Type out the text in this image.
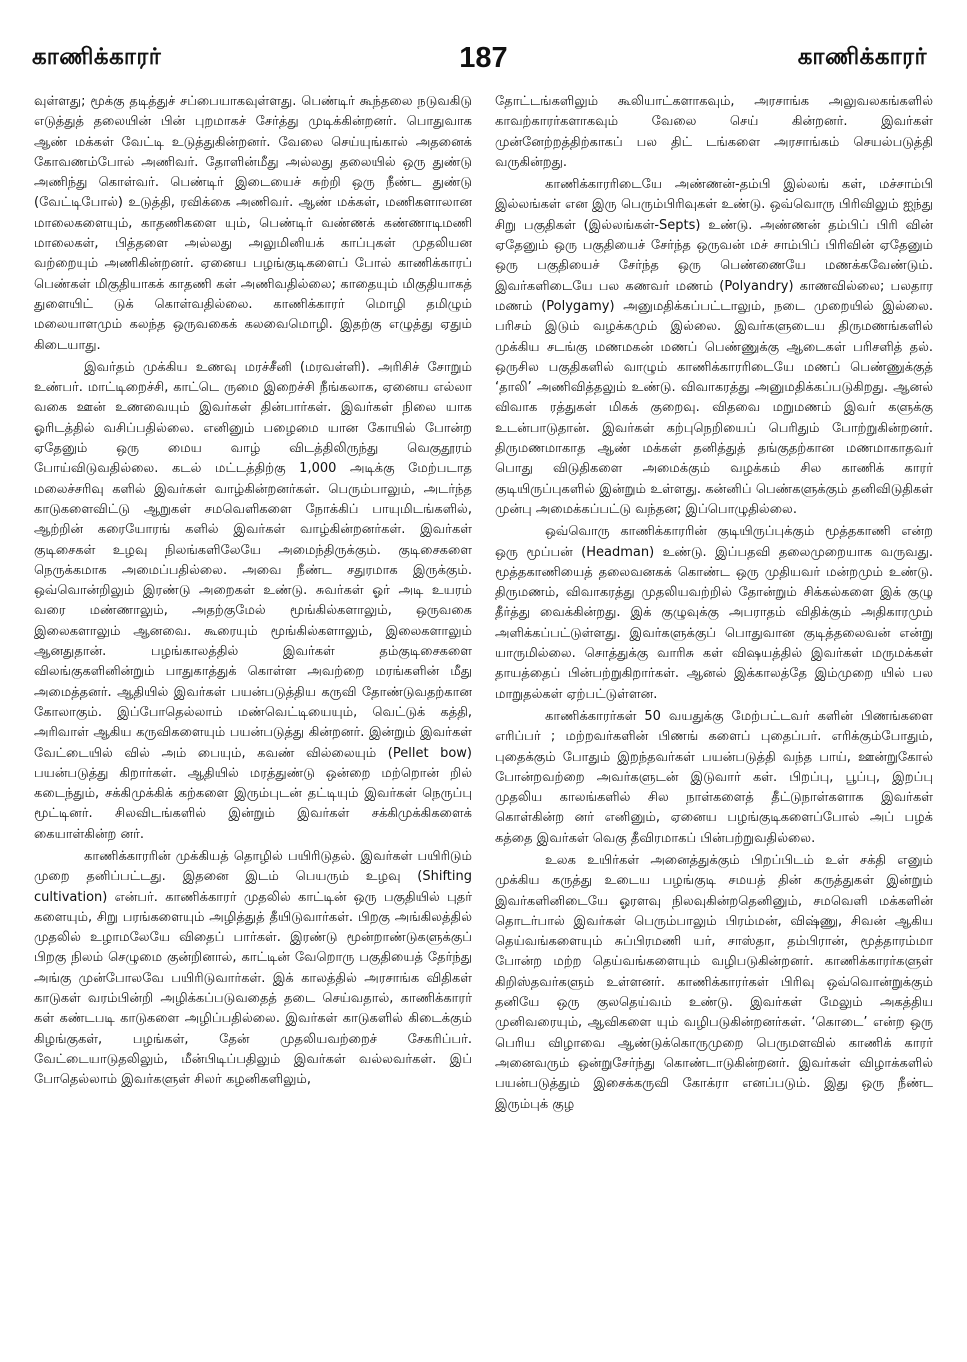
காணிக்காரர்	187	காணிக்காரர்

வுள்ளது; மூக்கு தடித்துச் சப்பையாகவுள்ளது. பெண்டிர் கூந்தலை நடுவகிடு எடுத்துத் தலையின் பின் புறமாகச் சேர்த்து முடிக்கின்றனர். பொதுவாக ஆண் மக்கள் வேட்டி உடுத்துகின்றனர். வேலை செய்யுங்கால் அதனைக் கோவணம்போல் அணிவர். தோளின்மீது அல்லது தலையில் ஒரு துண்டு அணிந்து கொள்வர். பெண்டிர் இடையைச் சுற்றி ஒரு நீண்ட துண்டு (வேட்டிபோல்) உடுத்தி, ரவிக்கை அணிவர். ஆண் மக்கள், மணிகளாலான மாலைகளையும், காதணிகளை யும், பெண்டிர் வண்ணக் கண்ணாடிமணி மாலைகள், பித்தளை அல்லது அலுமினியக் காப்புகள் முதலியன வற்றையும் அணிகின்றனர். ஏனைய பழங்குடிகளைப் போல் காணிக்காரப் பெண்கள் மிகுதியாகக் காதணி கள் அணிவதில்லை; காதையும் மிகுதியாகத் துளையிட் டுக் கொள்வதில்லை. காணிக்காரர் மொழி தமிழும் மலையாளமும் கலந்த ஒருவகைக் கலவைமொழி. இதற்கு எழுத்து ஏதும் கிடையாது.

இவர்தம் முக்கிய உணவு மரச்சீனி (மரவள்ளி). அரிசிச் சோறும் உண்பர். மாட்டிறைச்சி, காட்டெ ருமை இறைச்சி நீங்கலாக, ஏனைய எல்லா வகை ஊன் உணவையும் இவர்கள் தின்பார்கள். இவர்கள் நிலை யாக ஓரிடத்தில் வசிப்பதில்லை. எனினும் பழைமை யான கோயில் போன்ற ஏதேனும் ஒரு மைய வாழ் விடத்திலிருந்து வெகுதூரம் போய்விடுவதில்லை. கடல் மட்டத்திற்கு 1,000 அடிக்கு மேற்படாத மலைச்சரிவு களில் இவர்கள் வாழ்கின்றனர்கள். பெரும்பாலும், அடர்ந்த காடுகளைவிட்டு ஆறுகள் சமவெளிகளை நோக்கிப் பாயுமிடங்களில், ஆற்றின் கரையோரங் களில் இவர்கள் வாழ்கின்றனர்கள். இவர்கள் குடிசைகள் உழவு நிலங்களிலேயே அமைந்திருக்கும். குடிசைகளை நெருக்கமாக அமைப்பதில்லை. அவை நீண்ட சதுரமாக இருக்கும். ஒவ்வொன்றிலும் இரண்டு அறைகள் உண்டு. சுவர்கள் ஓர் அடி உயரம் வரை மண்ணாலும், அதற்குமேல் மூங்கில்களாலும், ஒருவகை இலைகளாலும் ஆனவை. கூரையும் மூங்கில்களாலும், இலைகளாலும் ஆனதுதான். பழங்காலத்தில் இவர்கள் தம்குடிசைகளை விலங்குகளினின்றும் பாதுகாத்துக் கொள்ள அவற்றை மரங்களின் மீது அமைத்தனர். ஆதியில் இவர்கள் பயன்படுத்திய கருவி தோண்டுவதற்கான கோலாகும். இப்போதெல்லாம் மண்வெட்டியையும், வெட்டுக் கத்தி, அரிவாள் ஆகிய கருவிகளையும் பயன்படுத்து கின்றனர். இன்றும் இவர்கள் வேட்டையில் வில் அம் பையும், கவண் வில்லையும் (Pellet bow) பயன்படுத்து கிறார்கள். ஆதியில் மரத்துண்டு ஒன்றை மற்றொன் றில் கடைந்தும், சக்கிமுக்கிக் கற்களை இரும்புடன் தட்டியும் இவர்கள் நெருப்பு மூட்டினர். சிலவிடங்களில் இன்றும் இவர்கள் சக்கிமுக்கிகளைக் கையாள்கின்ற னர்.

காணிக்காரரின் முக்கியத் தொழில் பயிரிடுதல். இவர்கள் பயிரிடும் முறை தனிப்பட்டது. இதனை இடம் பெயரும் உழவு (Shifting cultivation) என்பர். காணிக்காரர் முதலில் காட்டின் ஒரு பகுதியில் புதர் களையும், சிறு பரங்களையும் அழித்துத் தீயிடுவார்கள். பிறகு அங்கிலத்தில் முதலில் உழாமலேயே விதைப் பார்கள். இரண்டு மூன்றாண்டுகளுக்குப் பிறகு நிலம் செழுமை குன்றினால், காட்டின் வேறொரு பகுதியைத் தேர்ந்து அங்கு முன்போலவே பயிரிடுவார்கள். இக் காலத்தில் அரசாங்க விதிகள் காடுகள் வரம்பின்றி அழிக்கப்படுவதைத் தடை செய்வதால், காணிக்காரர் கள் கண்டபடி காடுகளை அழிப்பதில்லை. இவர்கள் காடுகளில் கிடைக்கும் கிழங்குகள், பழங்கள், தேன் முதலியவற்றைச் சேகரிப்பர். வேட்டையாடுதலிலும், மீன்பிடிப்பதிலும் இவர்கள் வல்லவர்கள். இப் போதெல்லாம் இவர்களுள் சிலர் கழனிகளிலும்,

தோட்டங்களிலும் கூலியாட்களாகவும், அரசாங்க அலுவலகங்களில் காவற்காரர்களாகவும் வேலை செய் கின்றனர். இவர்கள் முன்னேற்றத்திற்காகப் பல திட் டங்களை அரசாங்கம் செயல்படுத்தி வருகின்றது.

காணிக்காரரிடையே அண்ணன்-தம்பி இல்லங் கள், மச்சாம்பி இல்லங்கள் என இரு பெரும்பிரிவுகள் உண்டு. ஒவ்வொரு பிரிவிலும் ஐந்து சிறு பகுதிகள் (இல்லங்கள்-Septs) உண்டு. அண்ணன் தம்பிப் பிரி வின் ஏதேனும் ஒரு பகுதியைச் சேர்ந்த ஒருவன் மச் சாம்பிப் பிரிவின் ஏதேனும் ஒரு பகுதியைச் சேர்ந்த ஒரு பெண்ணையே மணக்கவேண்டும். இவர்களிடையே பல கணவர் மணம் (Polyandry) காணவில்லை; பலதார மணம் (Polygamy) அனுமதிக்கப்பட்டாலும், நடை முறையில் இல்லை. பரிசம் இடும் வழக்கமும் இல்லை. இவர்களுடைய திருமணங்களில் முக்கிய சடங்கு மணமகன் மணப் பெண்ணுக்கு ஆடைகள் பரிசளித் தல். ஒருசில பகுதிகளில் வாழும் காணிக்காரரிடையே மணப் பெண்ணுக்குத் ‘தாலி’ அணிவித்தலும் உண்டு. விவாகரத்து அனுமதிக்கப்படுகிறது. ஆனல் விவாக ரத்துகள் மிகக் குறைவு. விதவை மறுமணம் இவர் களுக்கு உடன்பாடுதான். இவர்கள் கற்புநெறியைப் பெரிதும் போற்றுகின்றனர். திருமணமாகாத ஆண் மக்கள் தனித்துத் தங்குதற்கான மணமாகாதவர் பொது விடுதிகளை அமைக்கும் வழக்கம் சில காணிக் காரர் குடியிருப்புகளில் இன்றும் உள்ளது. கன்னிப் பெண்களுக்கும் தனிவிடுதிகள் முன்பு அமைக்கப்பட்டு வந்தன; இப்பொழுதில்லை.

ஒவ்வொரு காணிக்காரரின் குடியிருப்புக்கும் மூத்தகாணி என்ற ஒரு மூப்பன் (Headman) உண்டு. இப்பதவி தலைமுறையாக வருவது. மூத்தகாணியைத் தலைவனகக் கொண்ட ஒரு முதியவர் மன்றமும் உண்டு. திருமணம், விவாகரத்து முதலியவற்றில் தோன்றும் சிக்கல்களை இக் குழு தீர்த்து வைக்கின்றது. இக் குழுவுக்கு அபராதம் விதிக்கும் அதிகாரமும் அளிக்கப்பட்டுள்ளது. இவர்களுக்குப் பொதுவான குடித்தலைவன் என்று யாருமில்லை. சொத்துக்கு வாரிசு கள் விஷயத்தில் இவர்கள் மருமக்கள் தாயத்தைப் பின்பற்றுகிறார்கள். ஆனல் இக்காலத்தே இம்முறை யில் பல மாறுதல்கள் ஏற்பட்டுள்ளன.

காணிக்காரர்கள் 50 வயதுக்கு மேற்பட்டவர் களின் பிணங்களை எரிப்பர் ; மற்றவர்களின் பிணங் களைப் புதைப்பர். எரிக்கும்போதும், புதைக்கும் போதும் இறந்தவர்கள் பயன்படுத்தி வந்த பாய், ஊன்றுகோல் போன்றவற்றை அவர்களுடன் இடுவார் கள். பிறப்பு, பூப்பு, இறப்பு முதலிய காலங்களில் சில நாள்களைத் தீட்டுநாள்களாக இவர்கள் கொள்கின்ற னர் எனினும், ஏனைய பழங்குடிகளைப்போல் அப் பழக் கத்தை இவர்கள் வெகு தீவிரமாகப் பின்பற்றுவதில்லை.

உலக உயிர்கள் அனைத்துக்கும் பிறப்பிடம் உள் சக்தி எனும் முக்கிய கருத்து உடைய பழங்குடி சமயத் தின் கருத்துகள் இன்றும் இவர்களினிடையே ஓரளவு நிலவுகின்றதெனினும், சமவெளி மக்களின் தொடர்பால் இவர்கள் பெரும்பாலும் பிரம்மன், விஷ்ணு, சிவன் ஆகிய தெய்வங்களையும் சுப்பிரமணி யர், சாஸ்தா, தம்பிரான், மூத்தாரம்மா போன்ற மற்ற தெய்வங்களையும் வழிபடுகின்றனர். காணிக்காரர்களுள் கிறிஸ்தவர்களும் உள்ளனர். காணிக்காரர்கள் பிரிவு ஒவ்வொன்றுக்கும் தனியே ஒரு குலதெய்வம் உண்டு. இவர்கள் மேலும் அகத்திய முனிவரையும், ஆவிகளை யும் வழிபடுகின்றனர்கள். ‘கொடை’ என்ற ஒரு பெரிய விழாவை ஆண்டுக்கொருமுறை பெருமளவில் காணிக் காரர் அனைவரும் ஒன்றுசேர்ந்து கொண்டாடுகின்றனர். இவர்கள் விழாக்களில் பயன்படுத்தும் இசைக்கருவி கோக்ரா எனப்படும். இது ஒரு நீண்ட இரும்புக் குழ
